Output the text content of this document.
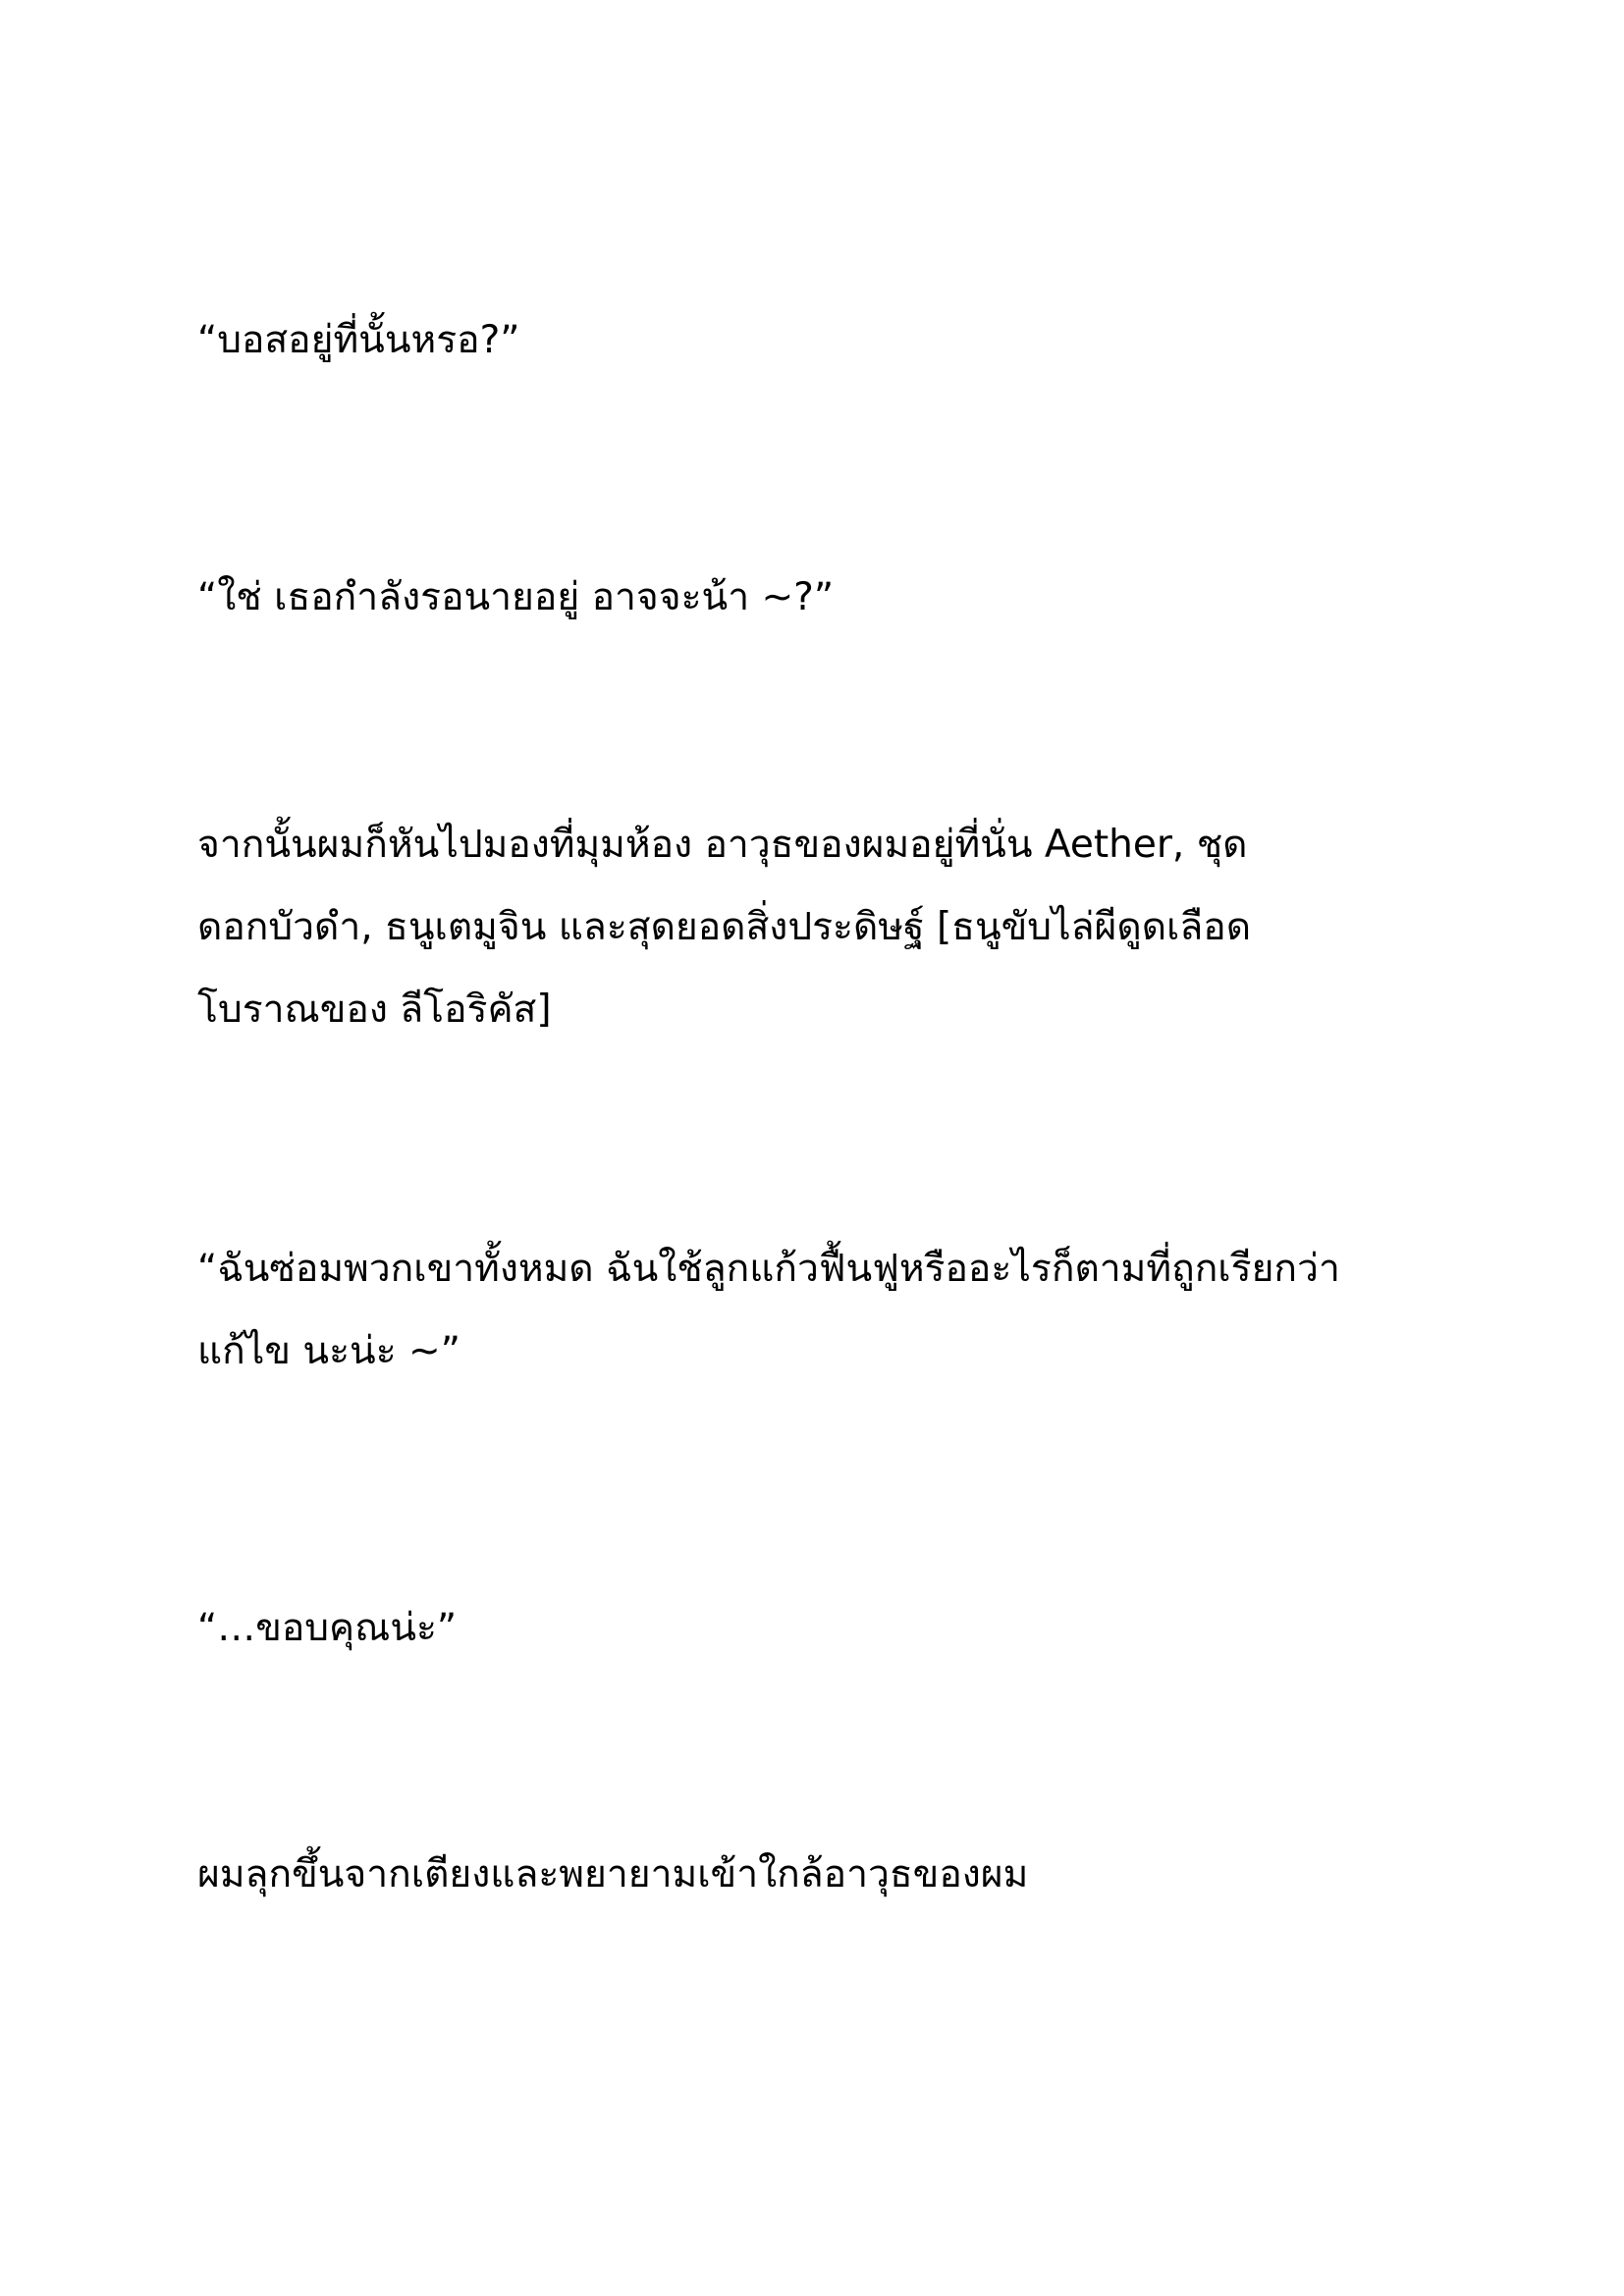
“บอสอยู่ที่นั้นหรอ?”

“ใช่ เธอกำลังรอนายอยู่ อาจจะน้า ~?”

จากนั้นผมก็หันไปมองที่มุมห้อง อาวุธของผมอยู่ที่นั่น Aether, ชุด
ดอกบัวดำ, ธนูเตมูจิน และสุดยอดสิ่งประดิษฐ์ [ธนูขับไล่ผีดูดเลือด
โบราณของ ลีโอริคัส]

“ฉันซ่อมพวกเขาทั้งหมด ฉันใช้ลูกแก้วฟื้นฟูหรืออะไรก็ตามที่ถูกเรียกว่า
แก้ไข นะน่ะ ~”

“…ขอบคุณน่ะ”

ผมลุกขึ้นจากเตียงและพยายามเข้าใกล้อาวุธของผม
